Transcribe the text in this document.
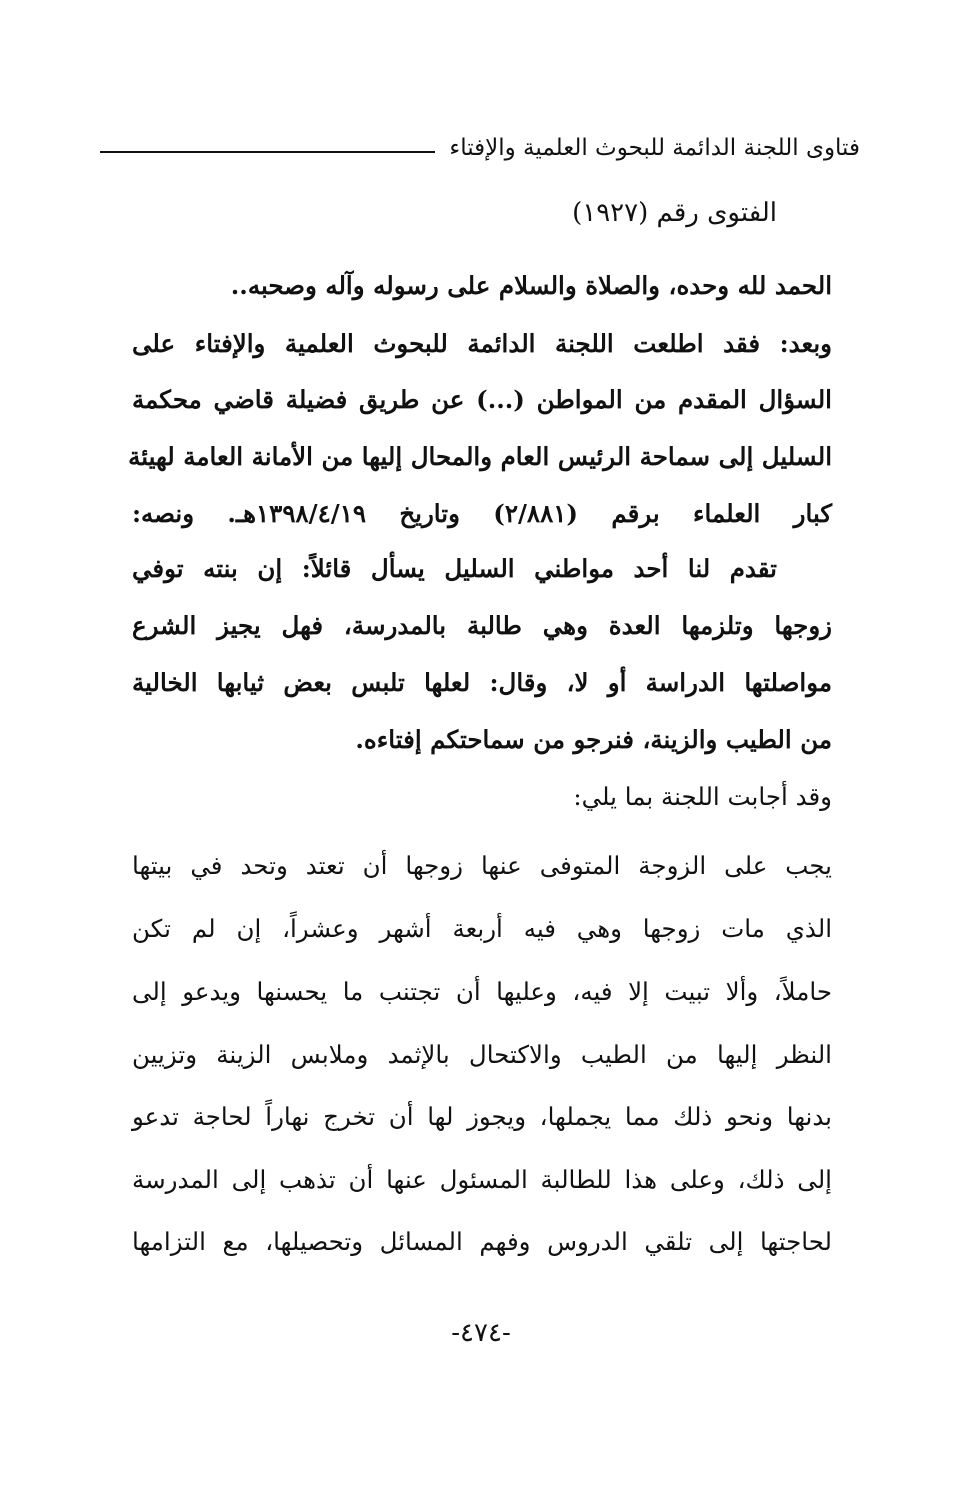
فتاوى اللجنة الدائمة للبحوث العلمية والإفتاء
الفتوى رقم (١٩٢٧)
الحمد لله وحده، والصلاة والسلام على رسوله وآله وصحبه..
وبعد: فقد اطلعت اللجنة الدائمة للبحوث العلمية والإفتاء على
السؤال المقدم من المواطن (...) عن طريق فضيلة قاضي محكمة
السليل إلى سماحة الرئيس العام والمحال إليها من الأمانة العامة لهيئة
كبار العلماء برقم (٢/٨٨١) وتاريخ ١٣٩٨/٤/١٩هـ. ونصه:
تقدم لنا أحد مواطني السليل يسأل قائلاً: إن بنته توفي
زوجها وتلزمها العدة وهي طالبة بالمدرسة، فهل يجيز الشرع
مواصلتها الدراسة أو لا، وقال: لعلها تلبس بعض ثيابها الخالية
من الطيب والزينة، فنرجو من سماحتكم إفتاءه.
وقد أجابت اللجنة بما يلي:
يجب على الزوجة المتوفى عنها زوجها أن تعتد وتحد في بيتها
الذي مات زوجها وهي فيه أربعة أشهر وعشراً، إن لم تكن
حاملاً، وألا تبيت إلا فيه، وعليها أن تجتنب ما يحسنها ويدعو إلى
النظر إليها من الطيب والاكتحال بالإثمد وملابس الزينة وتزيين
بدنها ونحو ذلك مما يجملها، ويجوز لها أن تخرج نهاراً لحاجة تدعو
إلى ذلك، وعلى هذا للطالبة المسئول عنها أن تذهب إلى المدرسة
لحاجتها إلى تلقي الدروس وفهم المسائل وتحصيلها، مع التزامها
-٤٧٤-
